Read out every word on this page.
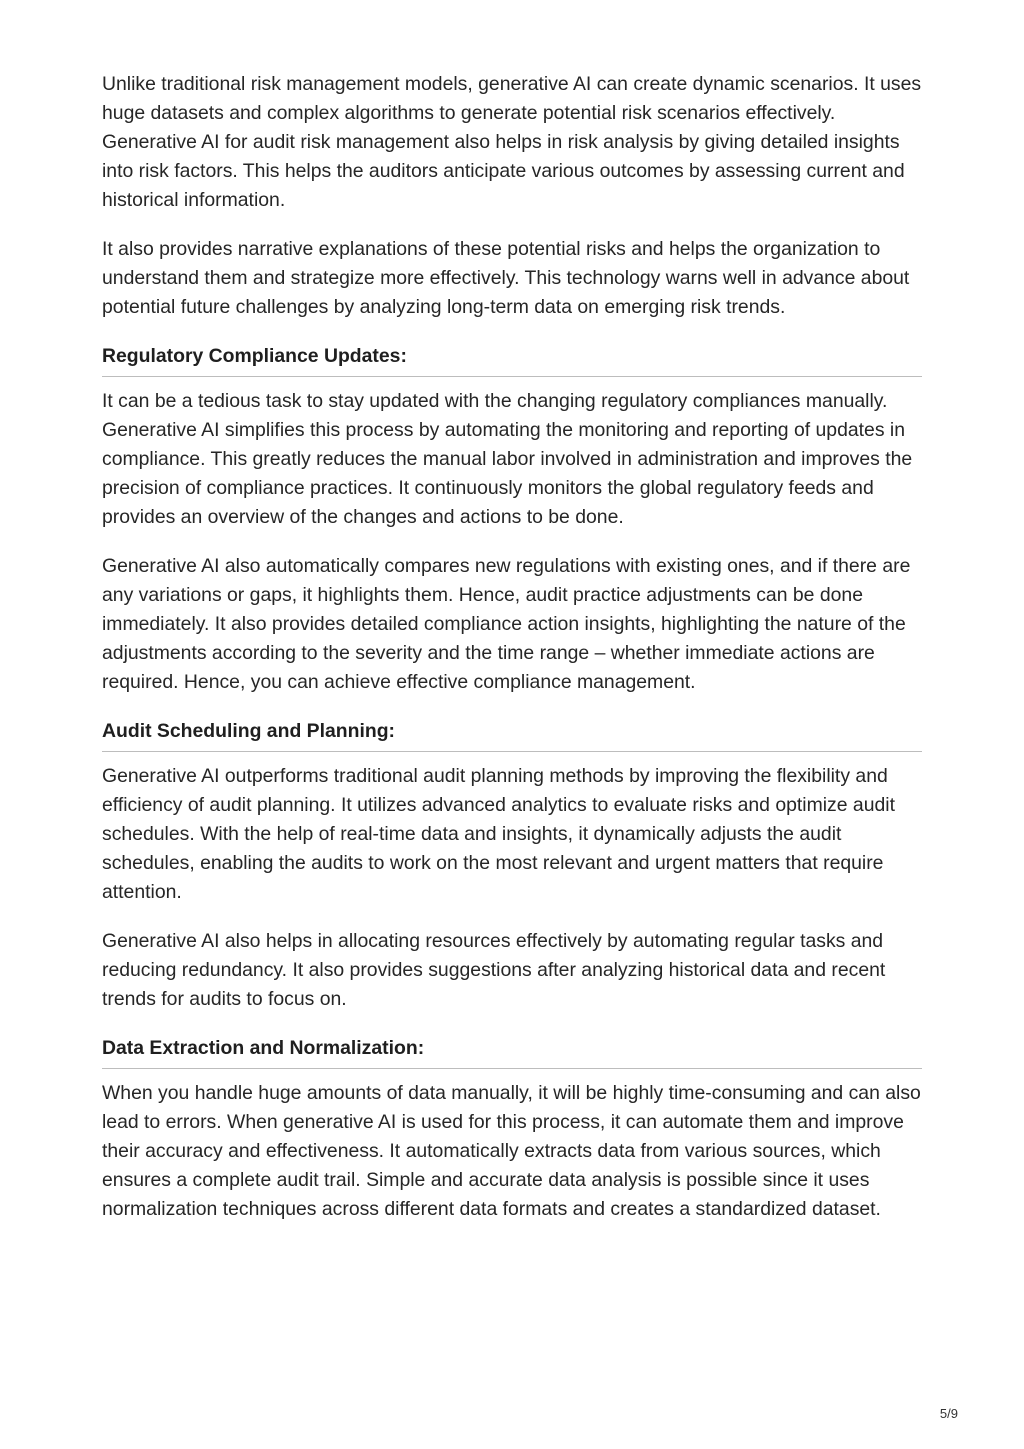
Unlike traditional risk management models, generative AI can create dynamic scenarios. It uses huge datasets and complex algorithms to generate potential risk scenarios effectively. Generative AI for audit risk management also helps in risk analysis by giving detailed insights into risk factors. This helps the auditors anticipate various outcomes by assessing current and historical information.

It also provides narrative explanations of these potential risks and helps the organization to understand them and strategize more effectively. This technology warns well in advance about potential future challenges by analyzing long-term data on emerging risk trends.

Regulatory Compliance Updates:

It can be a tedious task to stay updated with the changing regulatory compliances manually. Generative AI simplifies this process by automating the monitoring and reporting of updates in compliance. This greatly reduces the manual labor involved in administration and improves the precision of compliance practices. It continuously monitors the global regulatory feeds and provides an overview of the changes and actions to be done.

Generative AI also automatically compares new regulations with existing ones, and if there are any variations or gaps, it highlights them. Hence, audit practice adjustments can be done immediately. It also provides detailed compliance action insights, highlighting the nature of the adjustments according to the severity and the time range – whether immediate actions are required. Hence, you can achieve effective compliance management.

Audit Scheduling and Planning:

Generative AI outperforms traditional audit planning methods by improving the flexibility and efficiency of audit planning. It utilizes advanced analytics to evaluate risks and optimize audit schedules. With the help of real-time data and insights, it dynamically adjusts the audit schedules, enabling the audits to work on the most relevant and urgent matters that require attention.

Generative AI also helps in allocating resources effectively by automating regular tasks and reducing redundancy. It also provides suggestions after analyzing historical data and recent trends for audits to focus on.

Data Extraction and Normalization:

When you handle huge amounts of data manually, it will be highly time-consuming and can also lead to errors. When generative AI is used for this process, it can automate them and improve their accuracy and effectiveness. It automatically extracts data from various sources, which ensures a complete audit trail. Simple and accurate data analysis is possible since it uses normalization techniques across different data formats and creates a standardized dataset.

5/9
